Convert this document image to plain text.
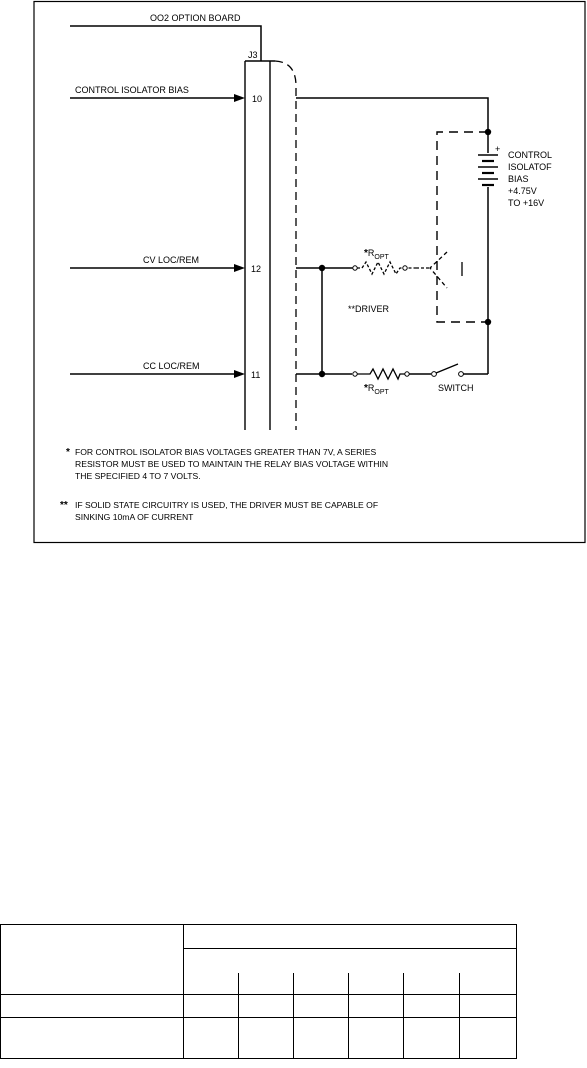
OO2 OPTION BOARD
J3
CONTROL ISOLATOR BIAS
10
CV LOC/REM
12
CC LOC/REM
11
+
CONTROL
ISOLATOF
BIAS
+4.75V
TO +16V
*ROPT
**DRIVER
*ROPT	SWITCH
* FOR CONTROL ISOLATOR BIAS VOLTAGES GREATER THAN 7V, A SERIES
RESISTOR MUST BE USED TO MAINTAIN THE RELAY BIAS VOLTAGE WITHIN
THE SPECIFIED 4 TO 7 VOLTS.
** IF SOLID STATE CIRCUITRY IS USED, THE DRIVER MUST BE CAPABLE OF
SINKING 10mA OF CURRENT
